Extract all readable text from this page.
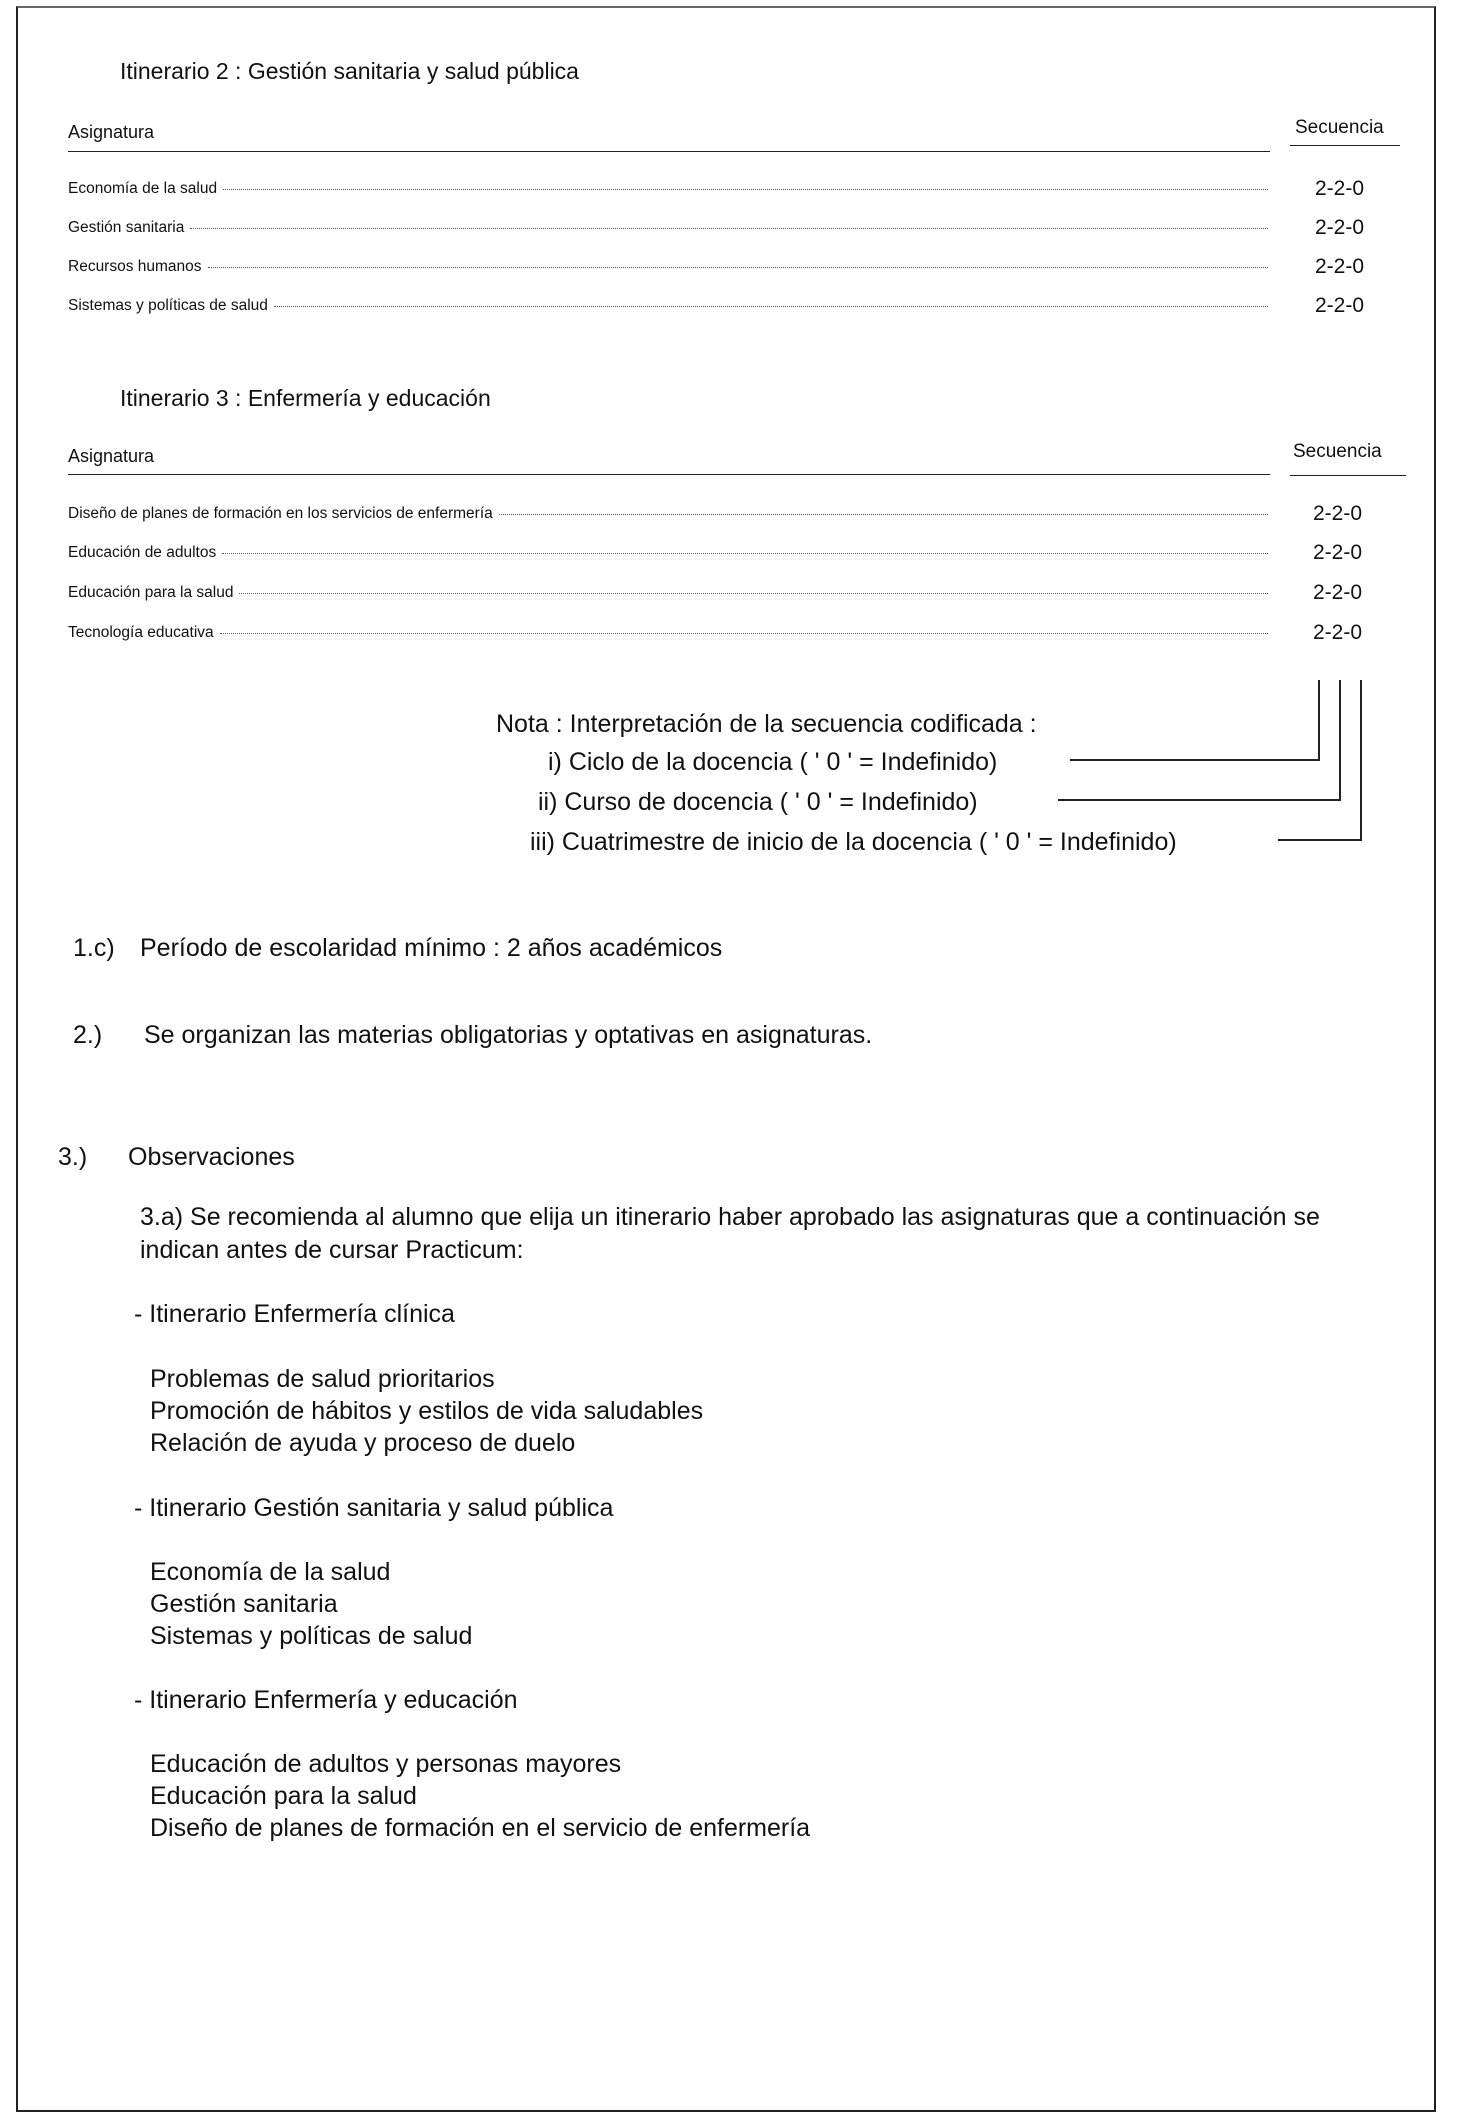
Itinerario 2 : Gestión sanitaria y salud pública
Asignatura	Secuencia
Economía de la salud	2-2-0
Gestión sanitaria	2-2-0
Recursos humanos	2-2-0
Sistemas y políticas de salud	2-2-0
Itinerario 3 : Enfermería y educación
Asignatura	Secuencia
Diseño de planes de formación en los servicios de enfermería	2-2-0
Educación de adultos	2-2-0
Educación para la salud	2-2-0
Tecnología educativa	2-2-0
Nota : Interpretación de la secuencia codificada :
i) Ciclo de la docencia ( ' 0 ' = Indefinido)
ii) Curso de docencia ( ' 0 ' = Indefinido)
iii) Cuatrimestre de inicio de la docencia ( ' 0 ' = Indefinido)
1.c) Período de escolaridad mínimo : 2 años académicos
2.) Se organizan las materias obligatorias y optativas en asignaturas.
3.) Observaciones
3.a) Se recomienda al alumno que elija un itinerario haber aprobado las asignaturas que a continuación se
indican antes de cursar Practicum:
- Itinerario Enfermería clínica
Problemas de salud prioritarios
Promoción de hábitos y estilos de vida saludables
Relación de ayuda y proceso de duelo
- Itinerario Gestión sanitaria y salud pública
Economía de la salud
Gestión sanitaria
Sistemas y políticas de salud
- Itinerario Enfermería y educación
Educación de adultos y personas mayores
Educación para la salud
Diseño de planes de formación en el servicio de enfermería
